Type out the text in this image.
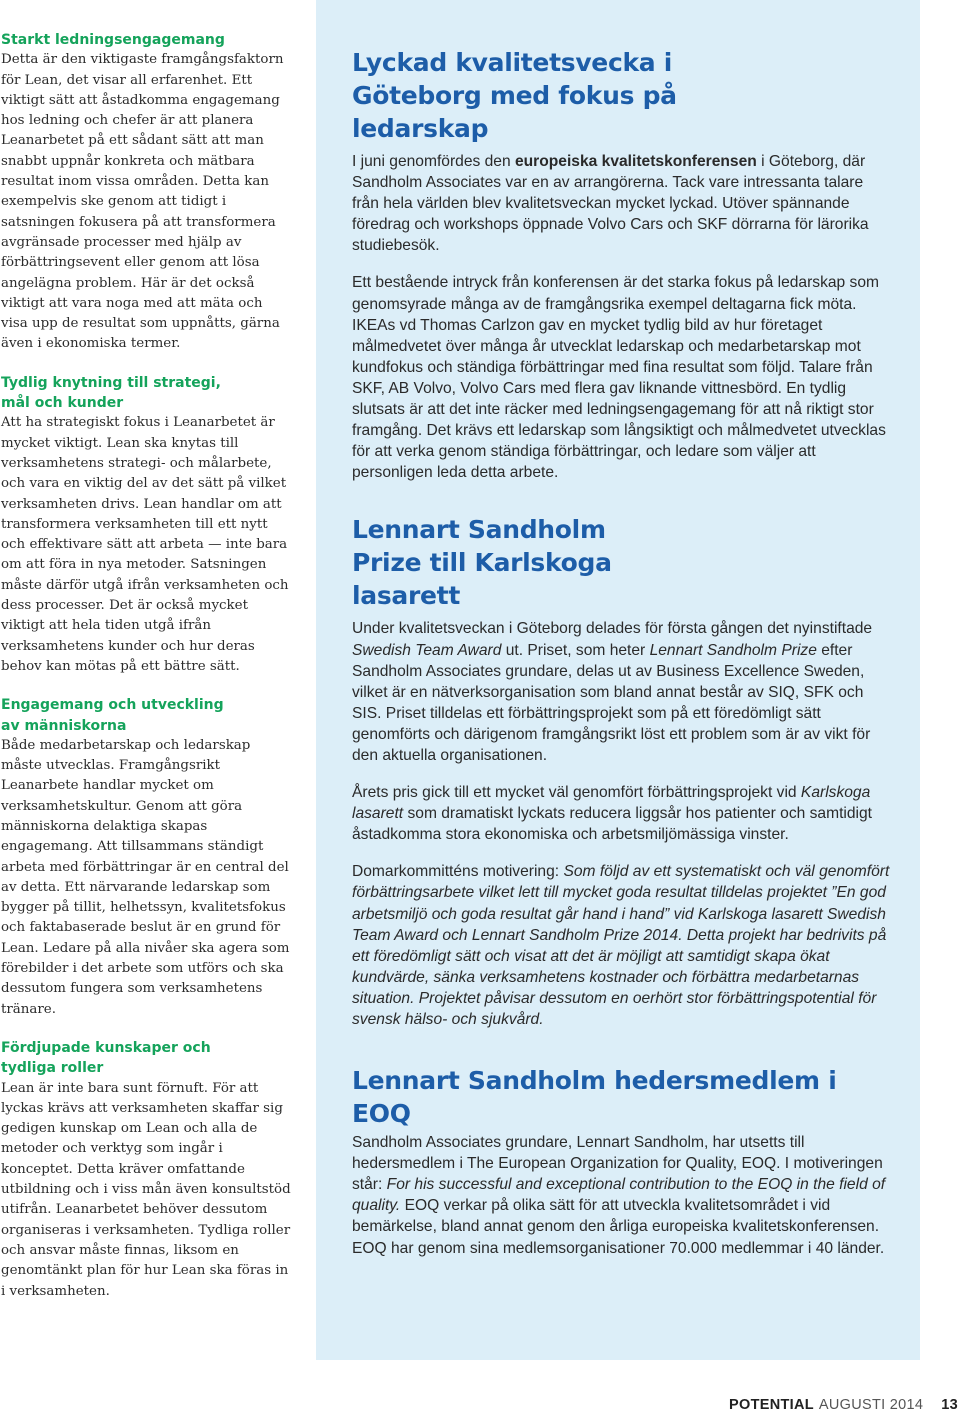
Starkt ledningsengagemang

Detta är den viktigaste framgångsfaktorn för Lean, det visar all erfarenhet. Ett viktigt sätt att åstadkomma engagemang hos ledning och chefer är att planera Leanarbetet på ett sådant sätt att man snabbt uppnår konkreta och mätbara resultat inom vissa områden. Detta kan exempelvis ske genom att tidigt i satsningen fokusera på att transformera avgränsade processer med hjälp av förbättringsevent eller genom att lösa angelägna problem. Här är det också viktigt att vara noga med att mäta och visa upp de resultat som uppnåtts, gärna även i ekonomiska termer.

Tydlig knytning till strategi, mål och kunder

Att ha strategiskt fokus i Leanarbetet är mycket viktigt. Lean ska knytas till verksamhetens strategi- och målarbete, och vara en viktig del av det sätt på vilket verksamheten drivs. Lean handlar om att transformera verksamheten till ett nytt och effektivare sätt att arbeta — inte bara om att föra in nya metoder. Satsningen måste därför utgå ifrån verksamheten och dess processer. Det är också mycket viktigt att hela tiden utgå ifrån verksamhetens kunder och hur deras behov kan mötas på ett bättre sätt.

Engagemang och utveckling av människorna

Både medarbetarskap och ledarskap måste utvecklas. Framgångsrikt Leanarbete handlar mycket om verksamhetskultur. Genom att göra människorna delaktiga skapas engagemang. Att tillsammans ständigt arbeta med förbättringar är en central del av detta. Ett närvarande ledarskap som bygger på tillit, helhetssyn, kvalitetsfokus och faktabaserade beslut är en grund för Lean. Ledare på alla nivåer ska agera som förebilder i det arbete som utförs och ska dessutom fungera som verksamhetens tränare.

Fördjupade kunskaper och tydliga roller

Lean är inte bara sunt förnuft. För att lyckas krävs att verksamheten skaffar sig gedigen kunskap om Lean och alla de metoder och verktyg som ingår i konceptet. Detta kräver omfattande utbildning och i viss mån även konsultstöd utifrån. Leanarbetet behöver dessutom organiseras i verksamheten. Tydliga roller och ansvar måste finnas, liksom en genomtänkt plan för hur Lean ska föras in i verksamheten.

Lyckad kvalitetsvecka i Göteborg med fokus på ledarskap

I juni genomfördes den europeiska kvalitetskonferensen i Göteborg, där Sandholm Associates var en av arrangörerna. Tack vare intressanta talare från hela världen blev kvalitetsveckan mycket lyckad. Utöver spännande föredrag och workshops öppnade Volvo Cars och SKF dörrarna för lärorika studiebesök.

Ett bestående intryck från konferensen är det starka fokus på ledarskap som genomsyrade många av de framgångsrika exempel deltagarna fick möta. IKEAs vd Thomas Carlzon gav en mycket tydlig bild av hur företaget målmedvetet över många år utvecklat ledarskap och medarbetarskap mot kundfokus och ständiga förbättringar med fina resultat som följd. Talare från SKF, AB Volvo, Volvo Cars med flera gav liknande vittnesbörd. En tydlig slutsats är att det inte räcker med ledningsengagemang för att nå riktigt stor framgång. Det krävs ett ledarskap som långsiktigt och målmedvetet utvecklas för att verka genom ständiga förbättringar, och ledare som väljer att personligen leda detta arbete.

Lennart Sandholm Prize till Karlskoga lasarett

Under kvalitetsveckan i Göteborg delades för första gången det nyinstiftade Swedish Team Award ut. Priset, som heter Lennart Sandholm Prize efter Sandholm Associates grundare, delas ut av Business Excellence Sweden, vilket är en nätverksorganisation som bland annat består av SIQ, SFK och SIS. Priset tilldelas ett förbättringsprojekt som på ett föredömligt sätt genomförts och därigenom framgångsrikt löst ett problem som är av vikt för den aktuella organisationen.

Årets pris gick till ett mycket väl genomfört förbättringsprojekt vid Karlskoga lasarett som dramatiskt lyckats reducera liggsår hos patienter och samtidigt åstadkomma stora ekonomiska och arbetsmiljömässiga vinster.

Domarkommitténs motivering: Som följd av ett systematiskt och väl genomfört förbättringsarbete vilket lett till mycket goda resultat tilldelas projektet ”En god arbetsmiljö och goda resultat går hand i hand” vid Karlskoga lasarett Swedish Team Award och Lennart Sandholm Prize 2014. Detta projekt har bedrivits på ett föredömligt sätt och visat att det är möjligt att samtidigt skapa ökat kundvärde, sänka verksamhetens kostnader och förbättra medarbetarnas situation. Projektet påvisar dessutom en oerhört stor förbättringspotential för svensk hälso- och sjukvård.

Lennart Sandholm hedersmedlem i EOQ

Sandholm Associates grundare, Lennart Sandholm, har utsetts till hedersmedlem i The European Organization for Quality, EOQ. I motiveringen står: For his successful and exceptional contribution to the EOQ in the field of quality. EOQ verkar på olika sätt för att utveckla kvalitetsområdet i vid bemärkelse, bland annat genom den årliga europeiska kvalitetskonferensen. EOQ har genom sina medlemsorganisationer 70.000 medlemmar i 40 länder.

POTENTIAL AUGUSTI 2014 13
